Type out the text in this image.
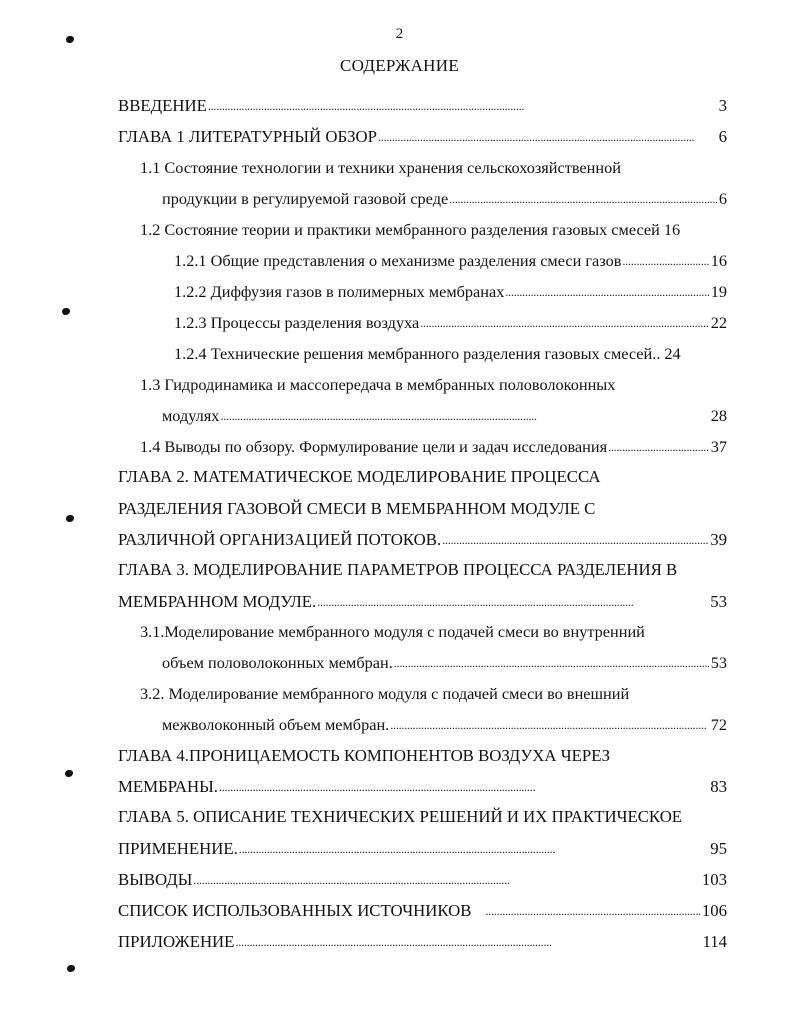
2
СОДЕРЖАНИЕ
ВВЕДЕНИЕ . . .	3
ГЛАВА 1 ЛИТЕРАТУРНЫЙ ОБЗОР . . .	6
1.1 Состояние технологии и техники хранения сельскохозяйственной
продукции в регулируемой газовой среде . . .	6
1.2 Состояние теории и практики мембранного разделения газовых смесей 16
1.2.1 Общие представления о механизме разделения смеси газов . . .	16
1.2.2 Диффузия газов в полимерных мембранах . . .	19
1.2.3 Процессы разделения воздуха . . .	22
1.2.4 Технические решения мембранного разделения газовых смесей.. 24
1.3 Гидродинамика и массопередача в мембранных половолоконных
модулях . . .	28
1.4 Выводы по обзору. Формулирование цели и задач исследования . . .	37
ГЛАВА 2. МАТЕМАТИЧЕСКОЕ МОДЕЛИРОВАНИЕ ПРОЦЕССА
РАЗДЕЛЕНИЯ ГАЗОВОЙ СМЕСИ В МЕМБРАННОМ МОДУЛЕ С
РАЗЛИЧНОЙ ОРГАНИЗАЦИЕЙ ПОТОКОВ. . . .	39
ГЛАВА 3. МОДЕЛИРОВАНИЕ ПАРАМЕТРОВ ПРОЦЕССА РАЗДЕЛЕНИЯ В
МЕМБРАННОМ МОДУЛЕ. . . .	53
3.1.Моделирование мембранного модуля с подачей смеси во внутренний
объем половолоконных мембран. . . .	53
3.2. Моделирование мембранного модуля с подачей смеси во внешний
межволоконный объем мембран. . . .	72
ГЛАВА 4.ПРОНИЦАЕМОСТЬ КОМПОНЕНТОВ ВОЗДУХА ЧЕРЕЗ
МЕМБРАНЫ. . . .	83
ГЛАВА 5. ОПИСАНИЕ ТЕХНИЧЕСКИХ РЕШЕНИЙ И ИХ ПРАКТИЧЕСКОЕ
ПРИМЕНЕНИЕ. . . .	95
ВЫВОДЫ . . .	103
СПИСОК ИСПОЛЬЗОВАННЫХ ИСТОЧНИКОВ . . .	106
ПРИЛОЖЕНИЕ . . .	114
